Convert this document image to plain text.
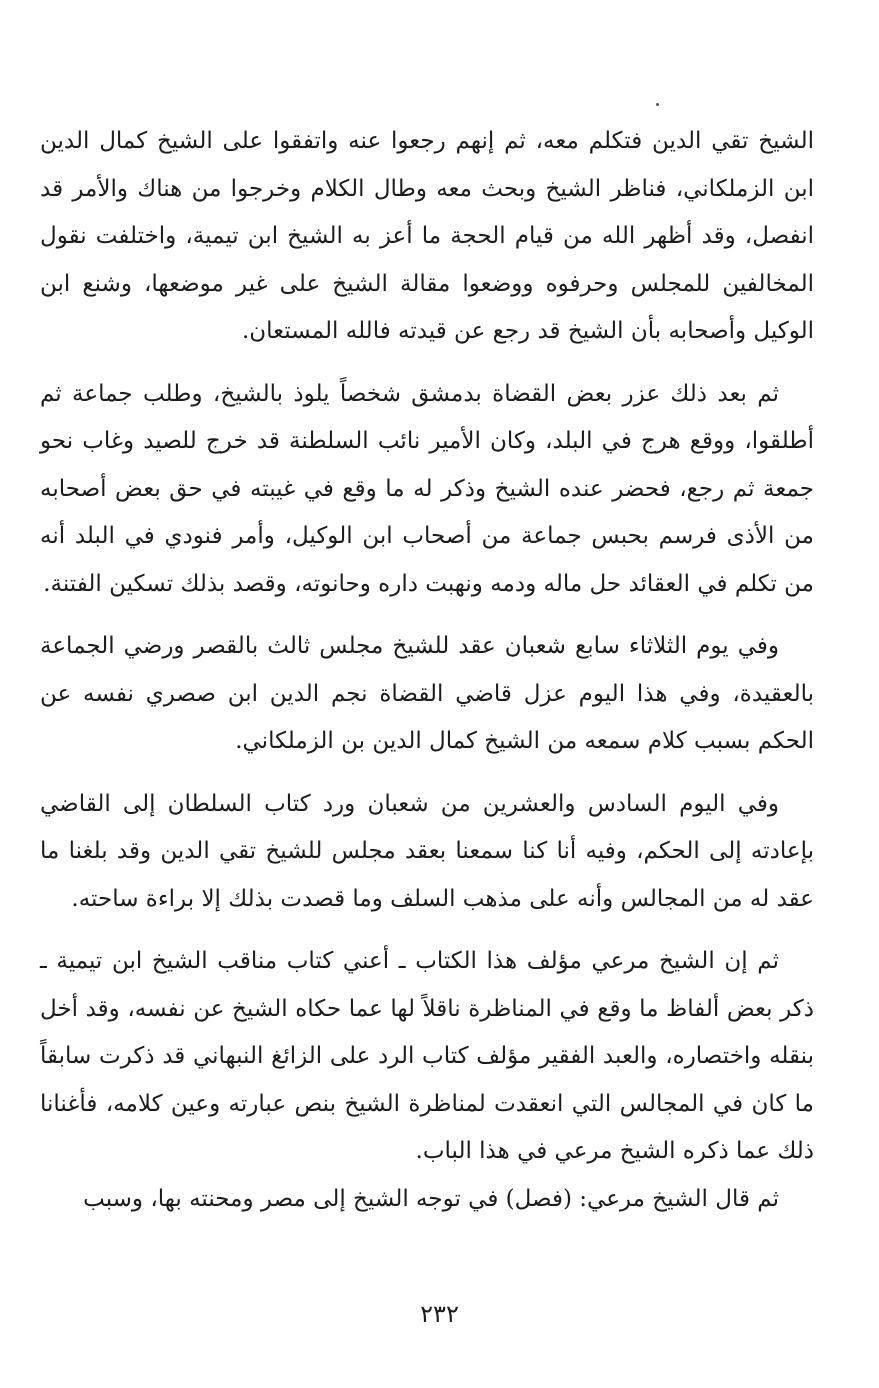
الشيخ تقي الدين فتكلم معه، ثم إنهم رجعوا عنه واتفقوا على الشيخ كمال الدين ابن الزملكاني، فناظر الشيخ وبحث معه وطال الكلام وخرجوا من هناك والأمر قد انفصل، وقد أظهر الله من قيام الحجة ما أعز به الشيخ ابن تيمية، واختلفت نقول المخالفين للمجلس وحرفوه ووضعوا مقالة الشيخ على غير موضعها، وشنع ابن الوكيل وأصحابه بأن الشيخ قد رجع عن قيدته فالله المستعان.

ثم بعد ذلك عزر بعض القضاة بدمشق شخصاً يلوذ بالشيخ، وطلب جماعة ثم أطلقوا، ووقع هرج في البلد، وكان الأمير نائب السلطنة قد خرج للصيد وغاب نحو جمعة ثم رجع، فحضر عنده الشيخ وذكر له ما وقع في غيبته في حق بعض أصحابه من الأذى فرسم بحبس جماعة من أصحاب ابن الوكيل، وأمر فنودي في البلد أنه من تكلم في العقائد حل ماله ودمه ونهبت داره وحانوته، وقصد بذلك تسكين الفتنة.

وفي يوم الثلاثاء سابع شعبان عقد للشيخ مجلس ثالث بالقصر ورضي الجماعة بالعقيدة، وفي هذا اليوم عزل قاضي القضاة نجم الدين ابن صصري نفسه عن الحكم بسبب كلام سمعه من الشيخ كمال الدين بن الزملكاني.

وفي اليوم السادس والعشرين من شعبان ورد كتاب السلطان إلى القاضي بإعادته إلى الحكم، وفيه أنا كنا سمعنا بعقد مجلس للشيخ تقي الدين وقد بلغنا ما عقد له من المجالس وأنه على مذهب السلف وما قصدت بذلك إلا براءة ساحته.

ثم إن الشيخ مرعي مؤلف هذا الكتاب ـ أعني كتاب مناقب الشيخ ابن تيمية ـ ذكر بعض ألفاظ ما وقع في المناظرة ناقلاً لها عما حكاه الشيخ عن نفسه، وقد أخل بنقله واختصاره، والعبد الفقير مؤلف كتاب الرد على الزائغ النبهاني قد ذكرت سابقاً ما كان في المجالس التي انعقدت لمناظرة الشيخ بنص عبارته وعين كلامه، فأغنانا ذلك عما ذكره الشيخ مرعي في هذا الباب.

ثم قال الشيخ مرعي: (فصل) في توجه الشيخ إلى مصر ومحنته بها، وسبب

٢٣٢
